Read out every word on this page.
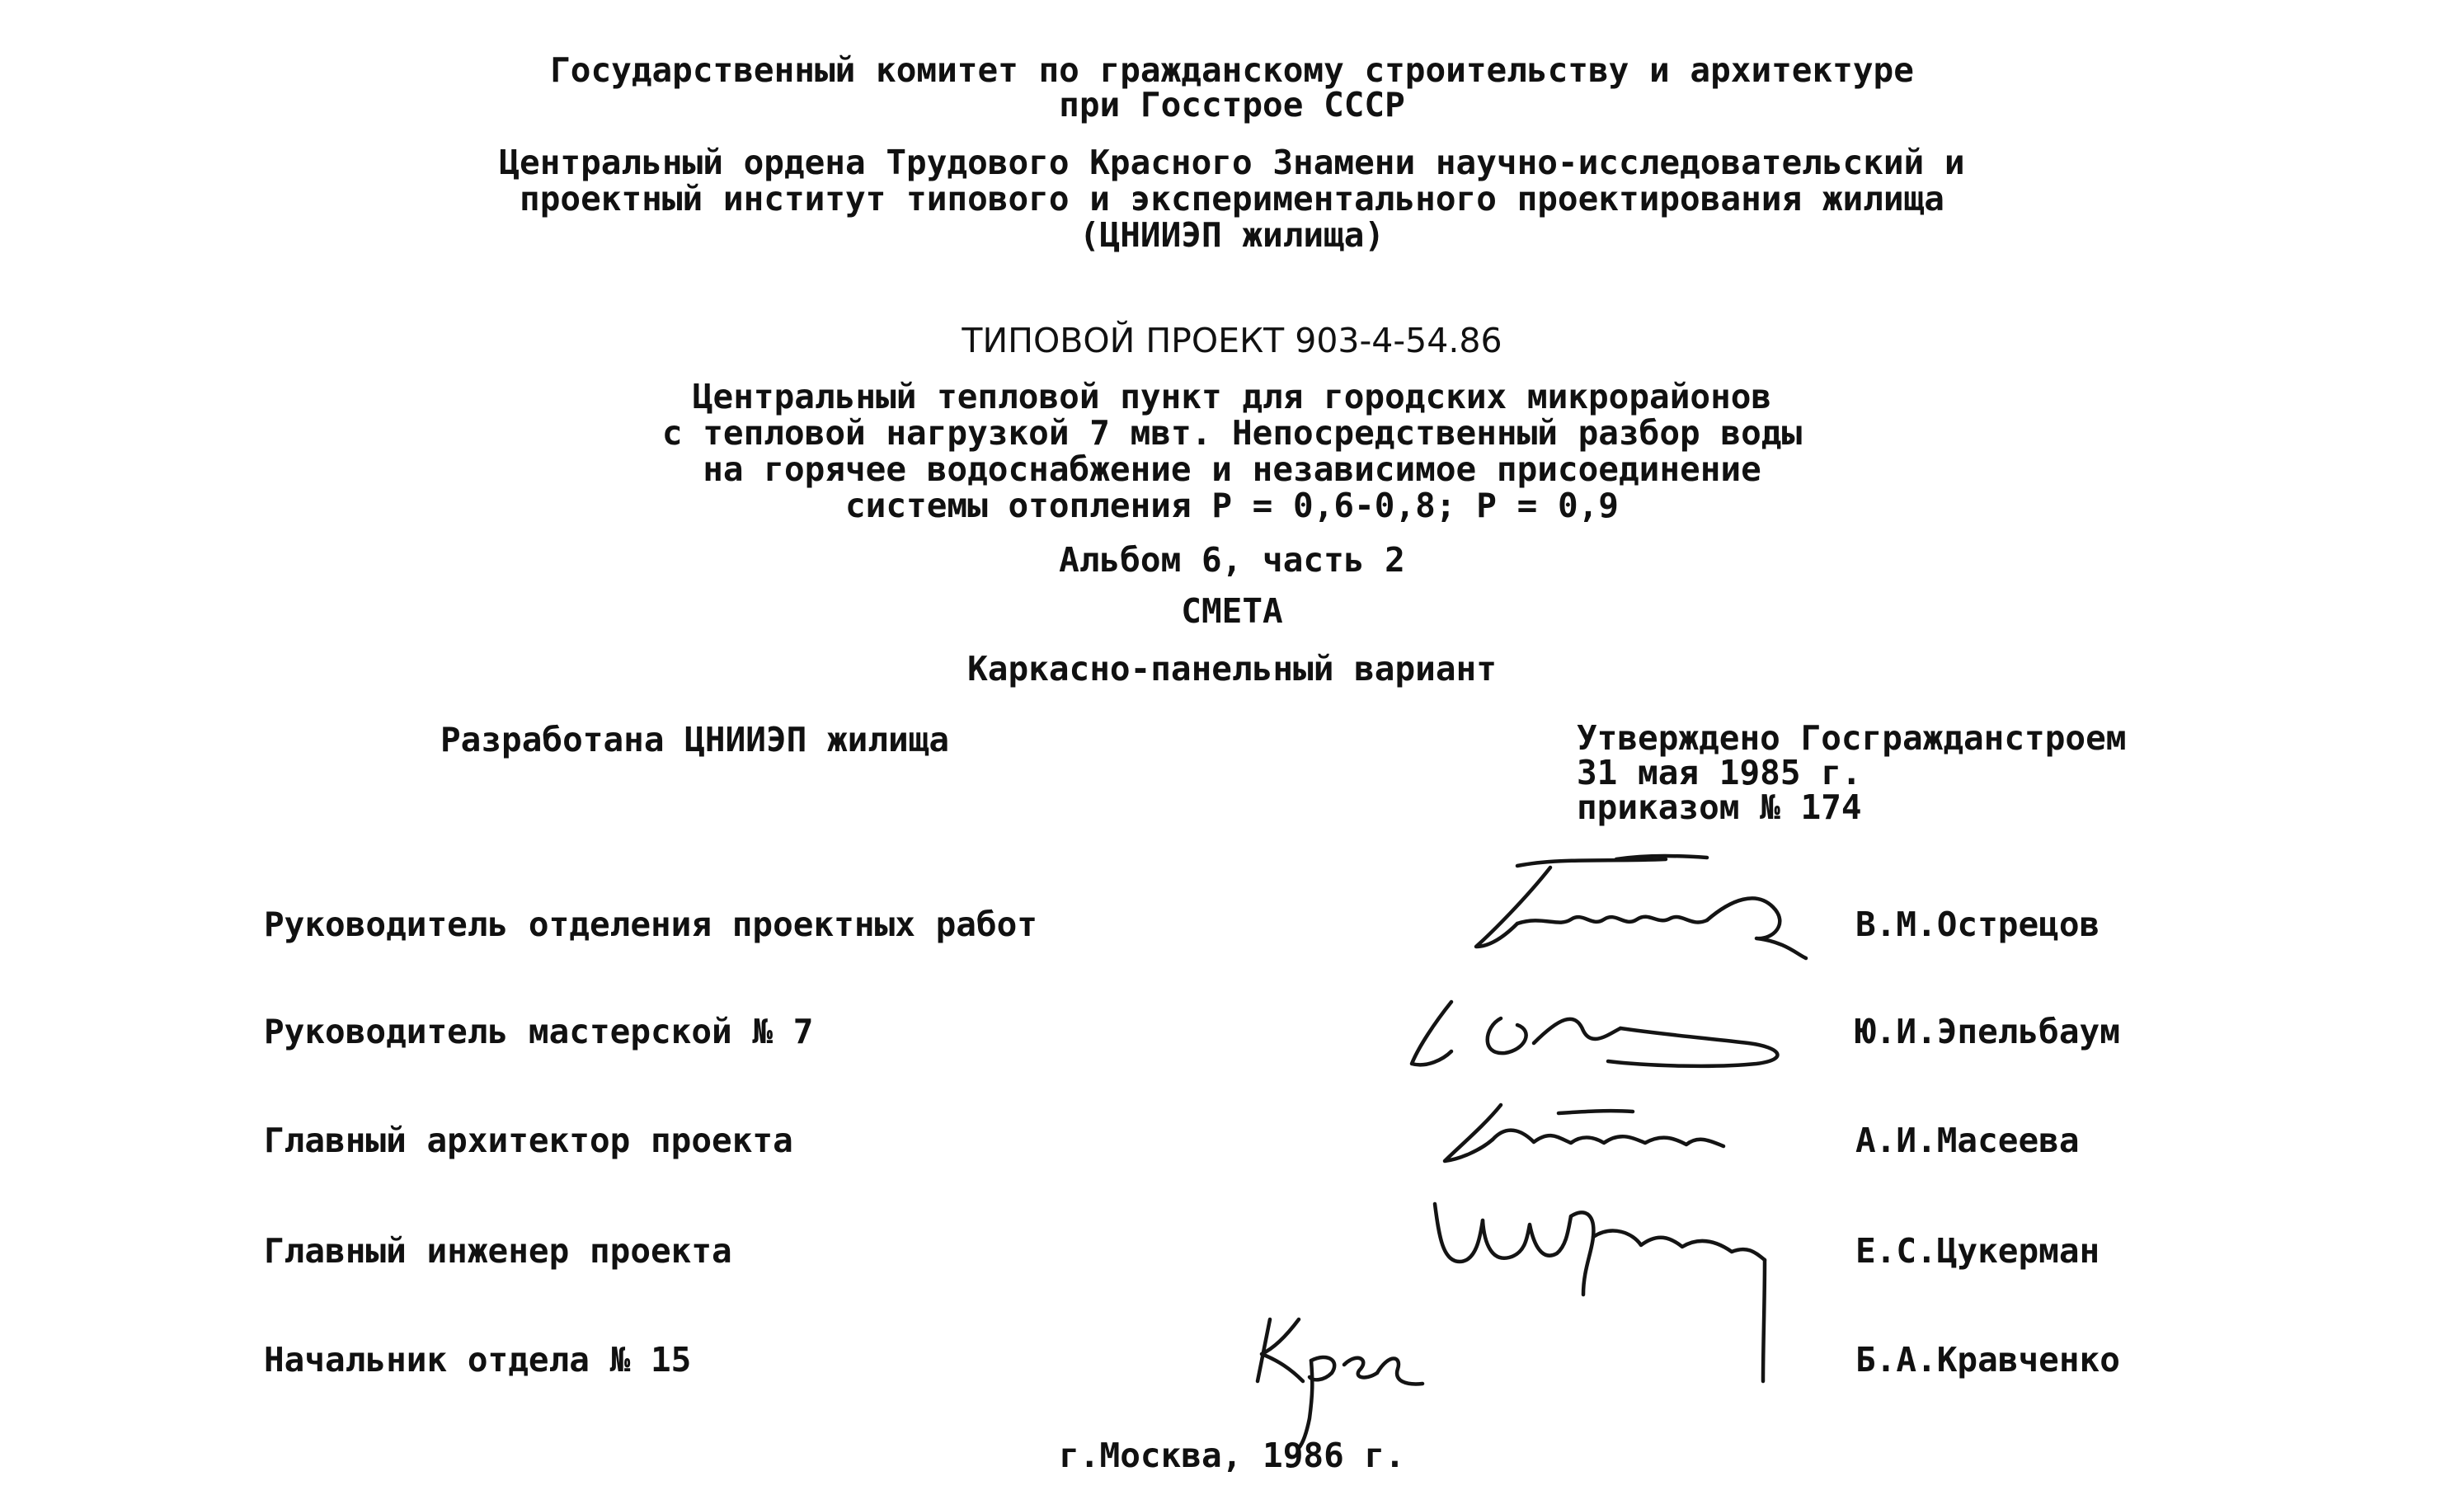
Государственный комитет по гражданскому строительству и архитектуре

при Госстрое СССР

Центральный ордена Трудового Красного Знамени научно-исследовательский и

проектный институт типового и экспериментального проектирования жилища

(ЦНИИЭП жилища)

ТИПОВОЙ ПРОЕКТ 903-4-54.86

Центральный тепловой пункт для городских микрорайонов

с тепловой нагрузкой 7 мвт. Непосредственный разбор воды

на горячее водоснабжение и независимое присоединение

системы отопления Р = 0,6-0,8; Р = 0,9

Альбом 6, часть 2

СМЕТА

Каркасно-панельный вариант

Разработана ЦНИИЭП жилища	Утверждено Госгражданстроем
31 мая 1985 г.
приказом № 174

Руководитель отделения проектных работ

Руководитель мастерской № 7

Главный архитектор проекта

Главный инженер проекта

Начальник отдела № 15

В.М.Острецов

Ю.И.Эпельбаум

А.И.Масеева

Е.С.Цукерман

Б.А.Кравченко

г.Москва, 1986 г.
